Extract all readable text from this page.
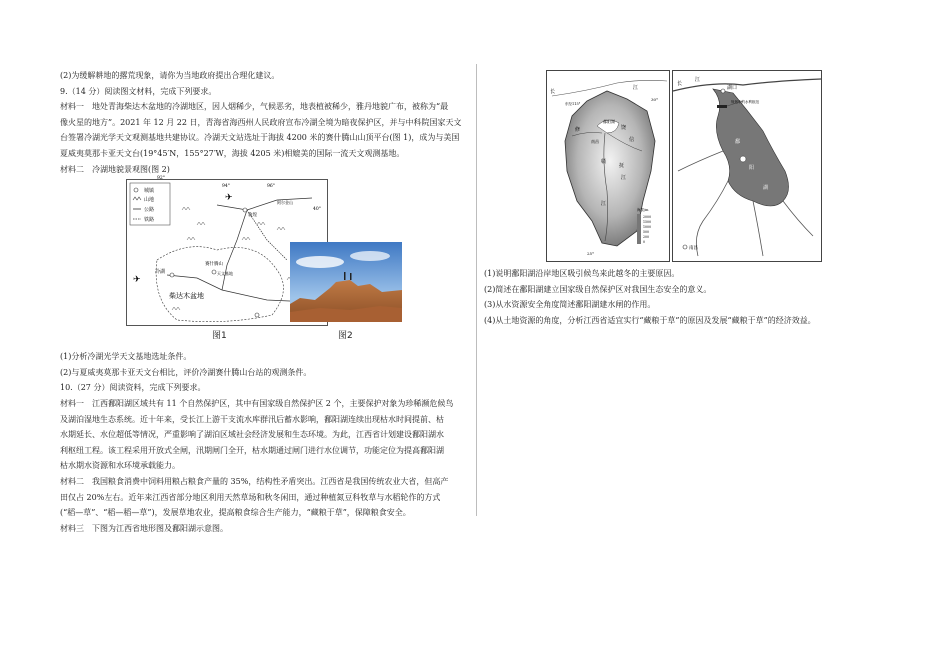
(2)为缓解耕地的撂荒现象，请你为当地政府提出合理化建议。

9.（14 分）阅读图文材料，完成下列要求。

材料一　地处青海柴达木盆地的冷湖地区，因人烟稀少，气候恶劣，地表植被稀少，雅丹地貌广布，被称为“最

像火星的地方”。2021 年 12 月 22 日，青海省海西州人民政府宣布冷湖全境为暗夜保护区，并与中科院国家天文

台签署冷湖光学天文观测基地共建协议。冷湖天文站选址于海拔 4200 米的赛什腾山山顶平台(图 1)，成为与美国

夏威夷莫那卡亚天文台(19°45′N，155°27′W，海拔 4205 米)相媲美的国际一流天文观测基地。

材料二　冷湖地貌景观图(图 2)

城镇
山地
公路
铁路
92°
94°	96°
40°
✈
✈
敦煌
阿尔金山
冷湖
赛什腾山
天文基地
柴达木盆地
图1	图2

(1)分析冷湖光学天文基地选址条件。

(2)与夏威夷莫那卡亚天文台相比，评价冷湖赛什腾山台站的观测条件。

10.（27 分）阅读资料，完成下列要求。

材料一　江西鄱阳湖区域共有 11 个自然保护区，其中有国家级自然保护区 2 个，主要保护对象为珍稀濒危候鸟

及湖泊湿地生态系统。近十年来，受长江上游干支流水库群汛后蓄水影响，鄱阳湖连续出现枯水时间提前、枯

水期延长、水位超低等情况，严重影响了湖泊区域社会经济发展和生态环境。为此，江西省计划建设鄱阳湖水

利枢纽工程。该工程采用开放式全闸，汛期闸门全开，枯水期通过闸门进行水位调节，功能定位为提高鄱阳湖

枯水期水资源和水环境承载能力。

材料二　我国粮食消费中饲料用粮占粮食产量的 35%，结构性矛盾突出。江西省是我国传统农业大省，但高产

田仅占 20%左右。近年来江西省部分地区利用天然草场和秋冬闲田，通过种植氮豆科牧草与水稻轮作的方式

(“稻—草”、“稻—稻—草”)，发展草地农业，提高粮食综合生产能力，“藏粮于草”，保障粮食安全。

材料三　下图为江西省地形图及鄱阳湖示意图。

长
江
东经115°
30°
鄱阳湖
南昌
赣
江
信
修	饶
抚
江
25°
海拔/m
2000
1500
1000
500
200
0
长
江
湖口
规划中的水利枢纽
南昌
鄱
阳
湖

(1)说明鄱阳湖沿岸地区吸引候鸟来此越冬的主要原因。

(2)简述在鄱阳湖建立国家级自然保护区对我国生态安全的意义。

(3)从水资源安全角度简述鄱阳湖建水闸的作用。

(4)从土地资源的角度，分析江西省适宜实行“藏粮于草”的原因及发展“藏粮于草”的经济效益。
